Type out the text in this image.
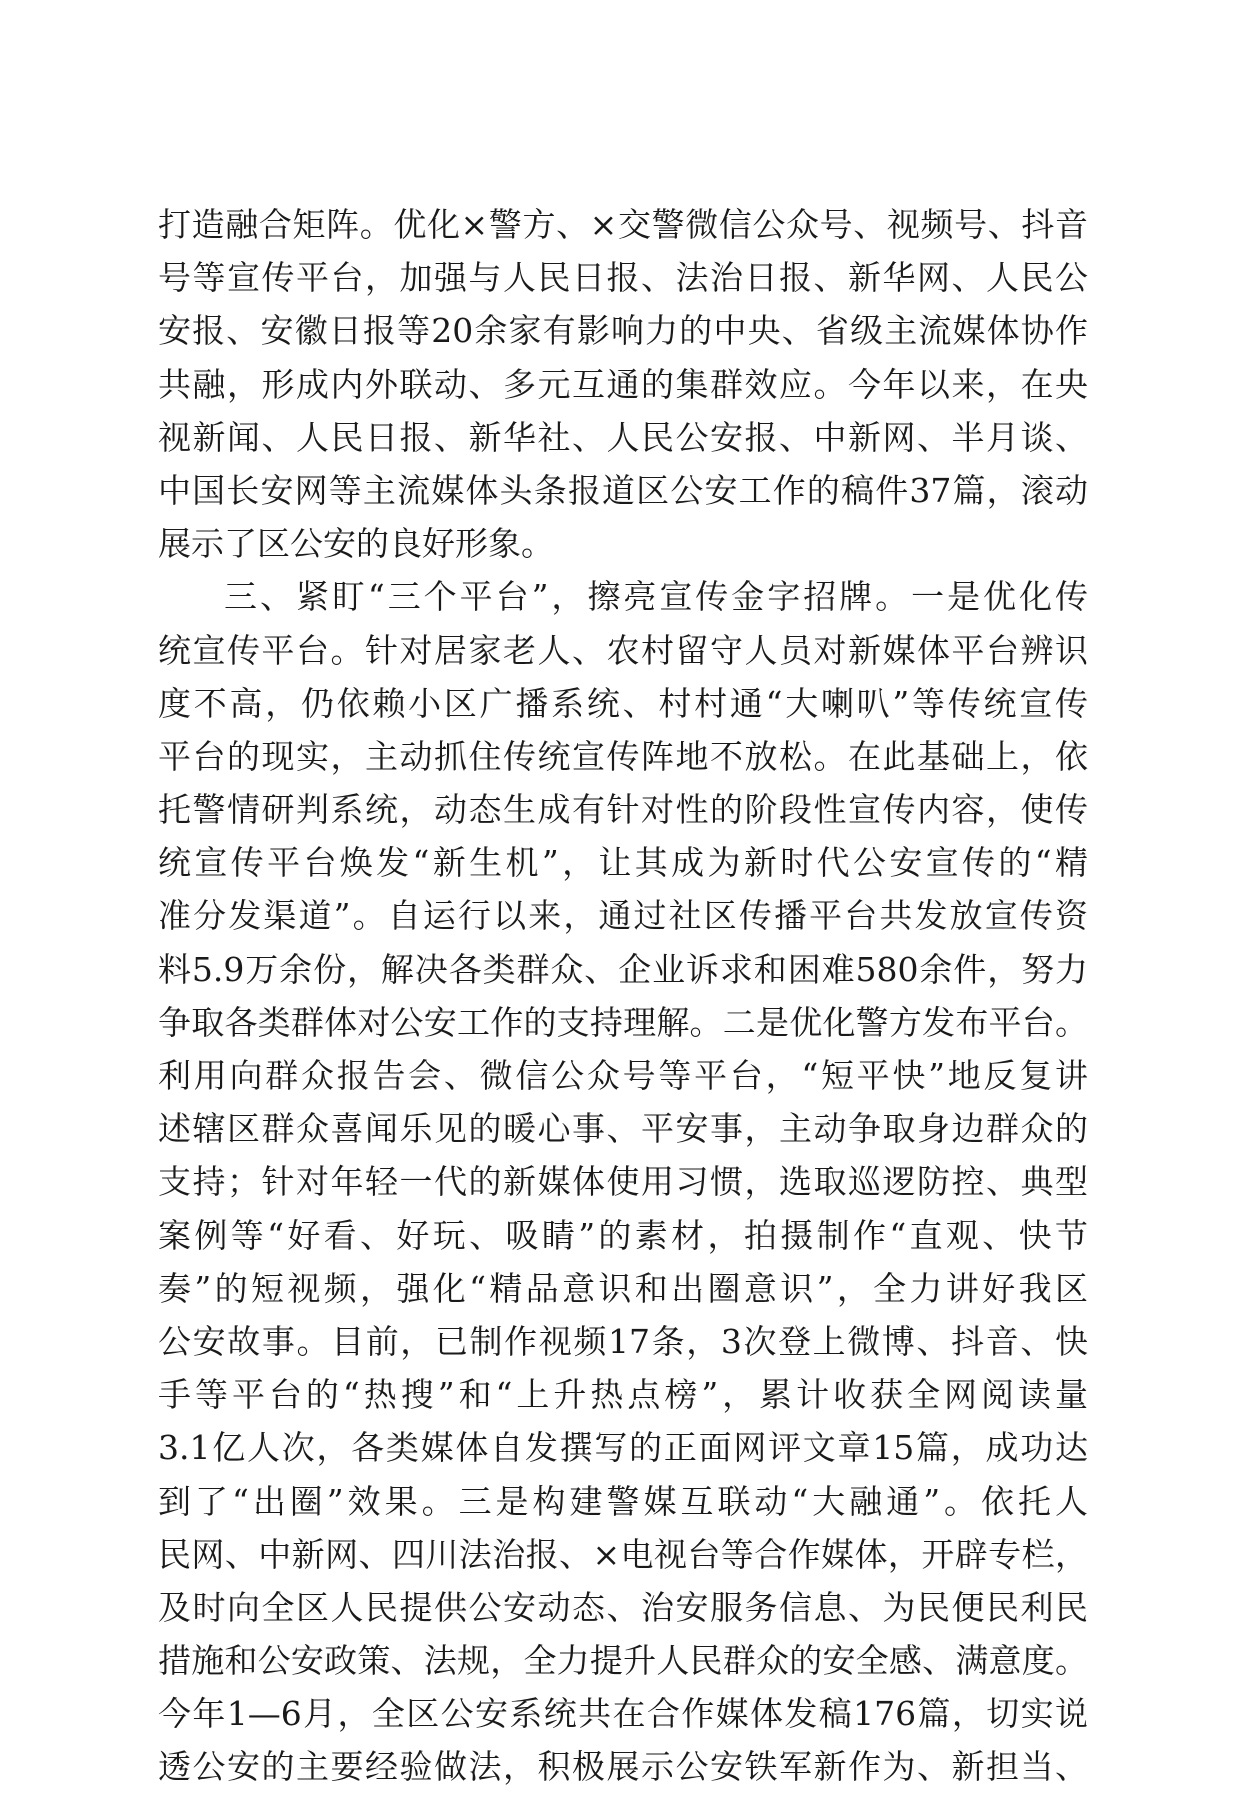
打造融合矩阵。优化×警方、×交警微信公众号、视频号、抖音
号等宣传平台，加强与人民日报、法治日报、新华网、人民公
安报、安徽日报等20余家有影响力的中央、省级主流媒体协作
共融，形成内外联动、多元互通的集群效应。今年以来，在央
视新闻、人民日报、新华社、人民公安报、中新网、半月谈、
中国长安网等主流媒体头条报道区公安工作的稿件37篇，滚动
展示了区公安的良好形象。
三、紧盯“三个平台”，擦亮宣传金字招牌。一是优化传
统宣传平台。针对居家老人、农村留守人员对新媒体平台辨识
度不高，仍依赖小区广播系统、村村通“大喇叭”等传统宣传
平台的现实，主动抓住传统宣传阵地不放松。在此基础上，依
托警情研判系统，动态生成有针对性的阶段性宣传内容，使传
统宣传平台焕发“新生机”，让其成为新时代公安宣传的“精
准分发渠道”。自运行以来，通过社区传播平台共发放宣传资
料5.9万余份，解决各类群众、企业诉求和困难580余件，努力
争取各类群体对公安工作的支持理解。二是优化警方发布平台。
利用向群众报告会、微信公众号等平台，“短平快”地反复讲
述辖区群众喜闻乐见的暖心事、平安事，主动争取身边群众的
支持；针对年轻一代的新媒体使用习惯，选取巡逻防控、典型
案例等“好看、好玩、吸睛”的素材，拍摄制作“直观、快节
奏”的短视频，强化“精品意识和出圈意识”，全力讲好我区
公安故事。目前，已制作视频17条，3次登上微博、抖音、快
手等平台的“热搜”和“上升热点榜”，累计收获全网阅读量
3.1亿人次，各类媒体自发撰写的正面网评文章15篇，成功达
到了“出圈”效果。三是构建警媒互联动“大融通”。依托人
民网、中新网、四川法治报、×电视台等合作媒体，开辟专栏，
及时向全区人民提供公安动态、治安服务信息、为民便民利民
措施和公安政策、法规，全力提升人民群众的安全感、满意度。
今年1—6月，全区公安系统共在合作媒体发稿176篇，切实说
透公安的主要经验做法，积极展示公安铁军新作为、新担当、
